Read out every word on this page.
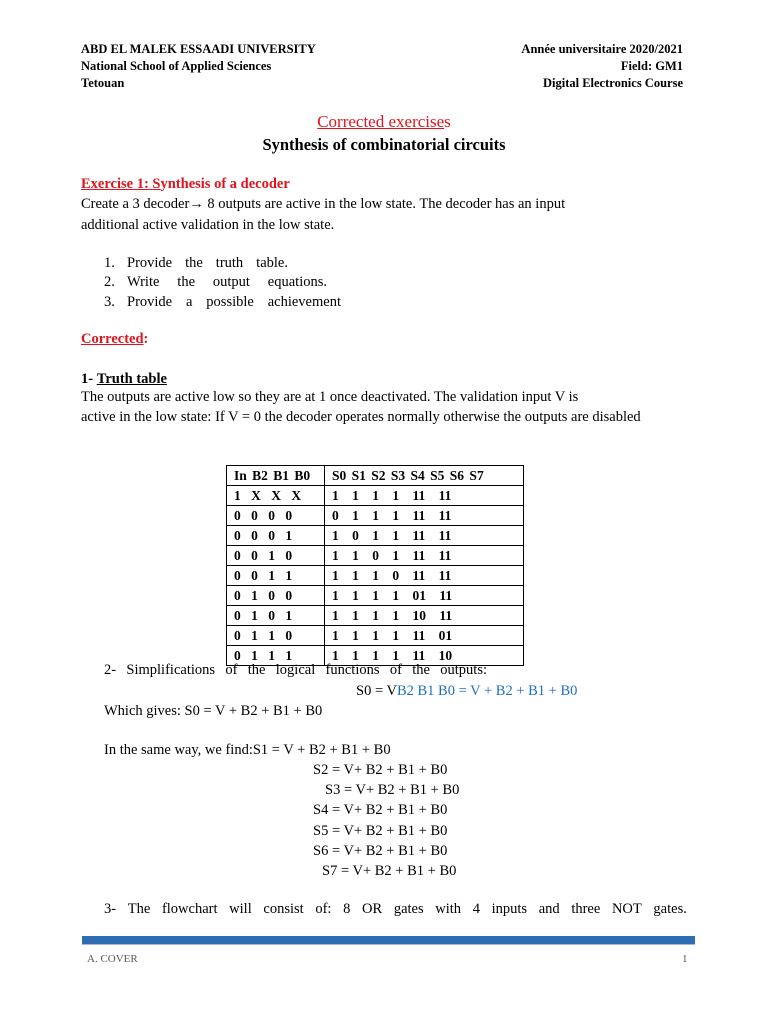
ABD EL MALEK ESSAADI UNIVERSITY
National School of Applied Sciences
Tetouan
Année universitaire 2020/2021
Field: GM1
Digital Electronics Course
Corrected exercises
Synthesis of combinatorial circuits
Exercise 1: Synthesis of a decoder
Create a 3 decoder→ 8 outputs are active in the low state. The decoder has an input
additional active validation in the low state.
1. Provide the truth table.
2. Write the output equations.
3. Provide a possible achievement
Corrected:
1- Truth table
The outputs are active low so they are at 1 once deactivated. The validation input V is
active in the low state: If V = 0 the decoder operates normally otherwise the outputs are disabled
In B2 B1 B0	S0 S1 S2 S3 S4 S5 S6 S7
1 X X X	1 1 1 1 11 11
0 0 0 0	0 1 1 1 11 11
0 0 0 1	1 0 1 1 11 11
0 0 1 0	1 1 0 1 11 11
0 0 1 1	1 1 1 0 11 11
0 1 0 0	1 1 1 1 01 11
0 1 0 1	1 1 1 1 10 11
0 1 1 0	1 1 1 1 11 01
0 1 1 1	1 1 1 1 11 10
2- Simplifications of the logical functions of the outputs:
S0 = VB2 B1 B0 = V + B2 + B1 + B0
Which gives: S0 = V + B2 + B1 + B0
In the same way, we find:S1 = V + B2 + B1 + B0
S2 = V+ B2 + B1 + B0
S3 = V+ B2 + B1 + B0
S4 = V+ B2 + B1 + B0
S5 = V+ B2 + B1 + B0
S6 = V+ B2 + B1 + B0
S7 = V+ B2 + B1 + B0
3- The flowchart will consist of: 8 OR gates with 4 inputs and three NOT gates.
A. COVER	1
